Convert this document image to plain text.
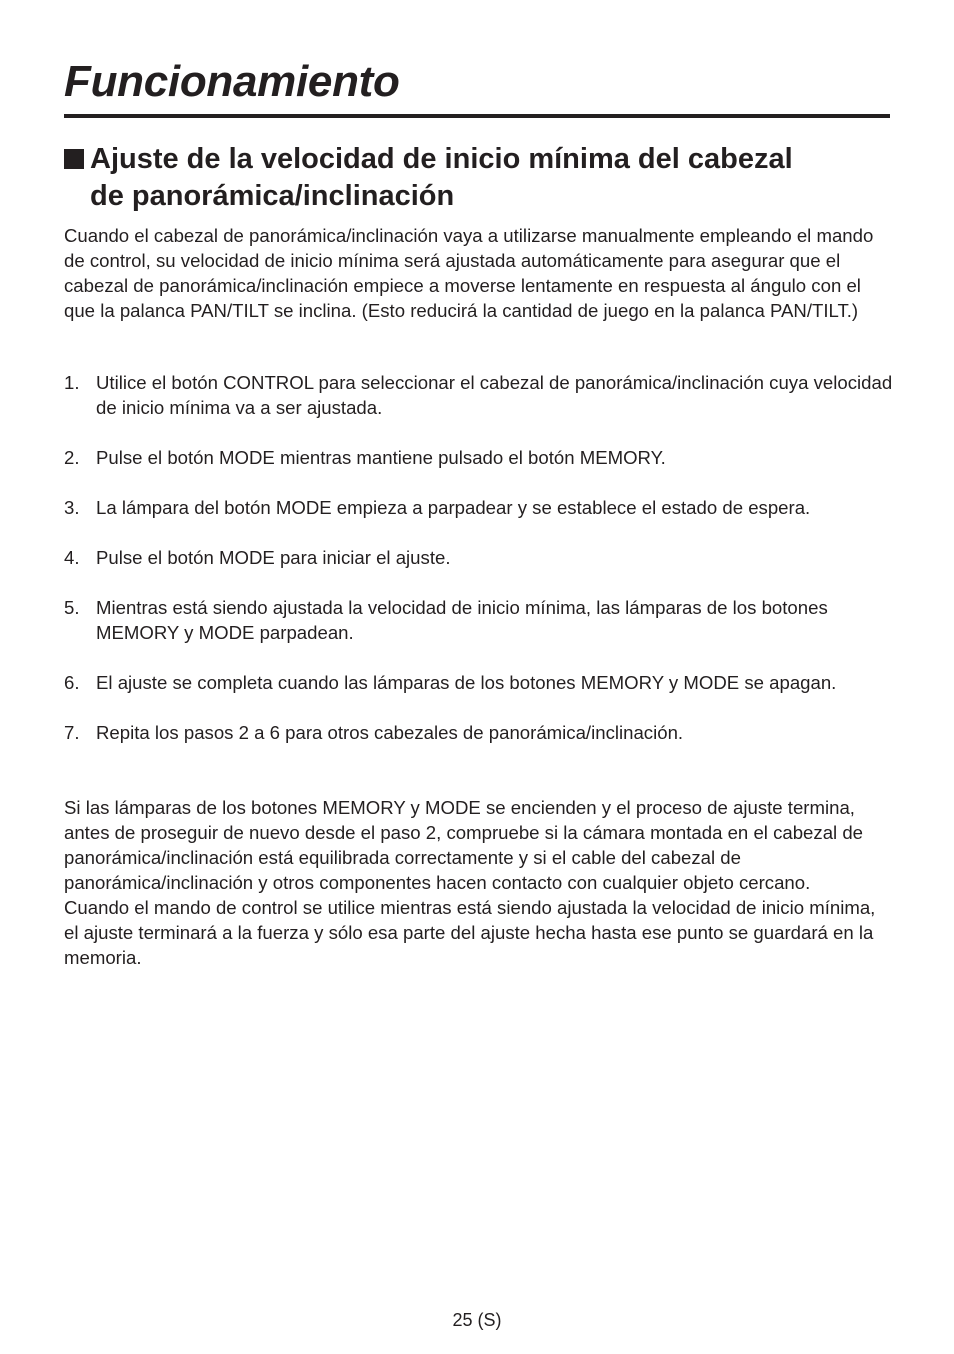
Funcionamiento
Ajuste de la velocidad de inicio mínima del cabezal
de panorámica/inclinación

Cuando el cabezal de panorámica/inclinación vaya a utilizarse manualmente empleando el mando de control, su velocidad de inicio mínima será ajustada automáticamente para asegurar que el cabezal de panorámica/inclinación empiece a moverse lentamente en respuesta al ángulo con el que la palanca PAN/TILT se inclina. (Esto reducirá la cantidad de juego en la palanca PAN/TILT.)

1. Utilice el botón CONTROL para seleccionar el cabezal de panorámica/inclinación cuya velocidad de inicio mínima va a ser ajustada.
2. Pulse el botón MODE mientras mantiene pulsado el botón MEMORY.
3. La lámpara del botón MODE empieza a parpadear y se establece el estado de espera.
4. Pulse el botón MODE para iniciar el ajuste.
5. Mientras está siendo ajustada la velocidad de inicio mínima, las lámparas de los botones MEMORY y MODE parpadean.
6. El ajuste se completa cuando las lámparas de los botones MEMORY y MODE se apagan.
7. Repita los pasos 2 a 6 para otros cabezales de panorámica/inclinación.

Si las lámparas de los botones MEMORY y MODE se encienden y el proceso de ajuste termina, antes de proseguir de nuevo desde el paso 2, compruebe si la cámara montada en el cabezal de panorámica/inclinación está equilibrada correctamente y si el cable del cabezal de panorámica/inclinación y otros componentes hacen contacto con cualquier objeto cercano.

Cuando el mando de control se utilice mientras está siendo ajustada la velocidad de inicio mínima, el ajuste terminará a la fuerza y sólo esa parte del ajuste hecha hasta ese punto se guardará en la memoria.

25 (S)
